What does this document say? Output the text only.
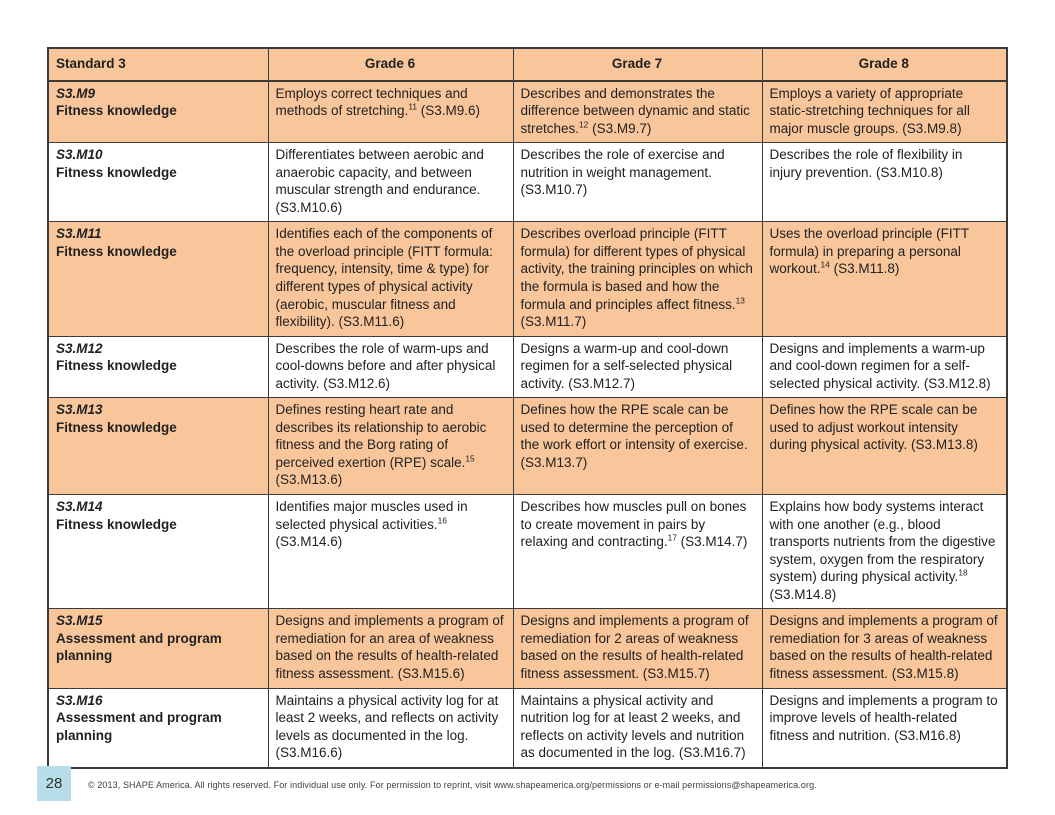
Standard 3	Grade 6	Grade 7	Grade 8

S3.M9
Fitness knowledge	Employs correct techniques and methods of stretching.$^{11}$ (S3.M9.6)	Describes and demonstrates the difference between dynamic and static stretches.$^{12}$ (S3.M9.7)	Employs a variety of appropriate static-stretching techniques for all major muscle groups. (S3.M9.8)

S3.M10
Fitness knowledge	Differentiates between aerobic and anaerobic capacity, and between muscular strength and endurance. (S3.M10.6)	Describes the role of exercise and nutrition in weight management. (S3.M10.7)	Describes the role of flexibility in injury prevention. (S3.M10.8)

S3.M11
Fitness knowledge
	Identifies each of the components of the overload principle (FITT formula: frequency, intensity, time & type) for different types of physical activity (aerobic, muscular fitness and flexibility). (S3.M11.6)	Describes overload principle (FITT formula) for different types of physical activity, the training principles on which the formula is based and how the formula and principles affect fitness.$^{13}$ (S3.M11.7)	Uses the overload principle (FITT formula) in preparing a personal workout.$^{14}$ (S3.M11.8)

S3.M12
Fitness knowledge	Describes the role of warm-ups and cool-downs before and after physical activity. (S3.M12.6)	Designs a warm-up and cool-down regimen for a self-selected physical activity. (S3.M12.7)	Designs and implements a warm-up and cool-down regimen for a self-selected physical activity. (S3.M12.8)

S3.M13
Fitness knowledge	Defines resting heart rate and describes its relationship to aerobic fitness and the Borg rating of perceived exertion (RPE) scale.$^{15}$ (S3.M13.6)	Defines how the RPE scale can be used to determine the perception of the work effort or intensity of exercise. (S3.M13.7)	Defines how the RPE scale can be used to adjust workout intensity during physical activity. (S3.M13.8)

S3.M14
Fitness knowledge	Identifies major muscles used in selected physical activities.$^{16}$ (S3.M14.6)	Describes how muscles pull on bones to create movement in pairs by relaxing and contracting.$^{17}$ (S3.M14.7)	Explains how body systems interact with one another (e.g., blood transports nutrients from the digestive system, oxygen from the respiratory system) during physical activity.$^{18}$ (S3.M14.8)

S3.M15
Assessment and program planning	Designs and implements a program of remediation for an area of weakness based on the results of health-related fitness assessment. (S3.M15.6)	Designs and implements a program of remediation for 2 areas of weakness based on the results of health-related fitness assessment. (S3.M15.7)	Designs and implements a program of remediation for 3 areas of weakness based on the results of health-related fitness assessment. (S3.M15.8)

S3.M16
Assessment and program planning	Maintains a physical activity log for at least 2 weeks, and reflects on activity levels as documented in the log. (S3.M16.6)	Maintains a physical activity and nutrition log for at least 2 weeks, and reflects on activity levels and nutrition as documented in the log. (S3.M16.7)	Designs and implements a program to improve levels of health-related fitness and nutrition. (S3.M16.8)
28	© 2013, SHAPE America. All rights reserved. For individual use only. For permission to reprint, visit www.shapeamerica.org/permissions or e-mail permissions@shapeamerica.org.
